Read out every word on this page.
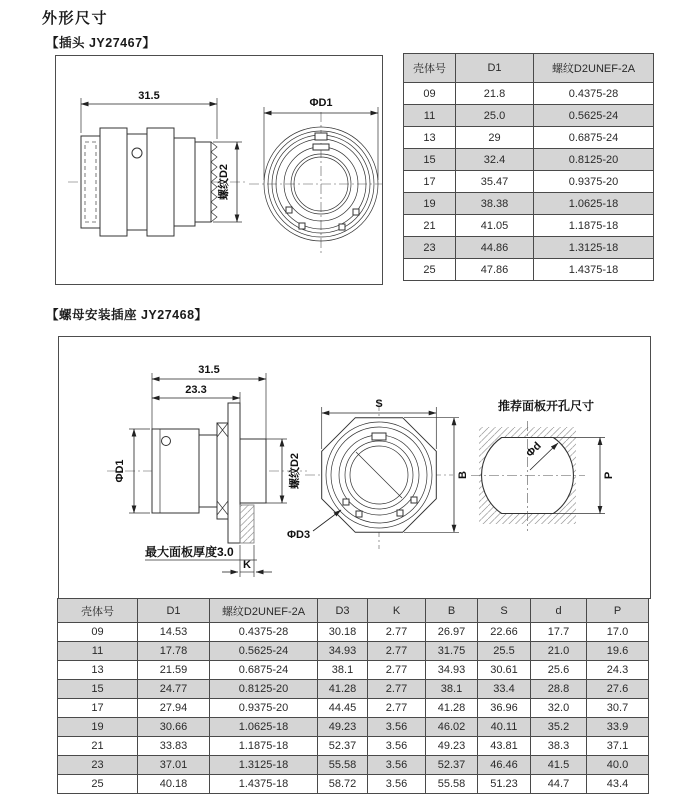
外形尺寸
【插头 JY27467】
31.5
螺纹D2
ΦD1
壳体号	D1	螺纹D2UNEF-2A
09	21.8	0.4375-28
11	25.0	0.5625-24
13	29	0.6875-24
15	32.4	0.8125-20
17	35.47	0.9375-20
19	38.38	1.0625-18
21	41.05	1.1875-18
23	44.86	1.3125-18
25	47.86	1.4375-18
【螺母安装插座 JY27468】
ΦD1
31.5
23.3
螺纹D2
最大面板厚度3.0
K
S
B
ΦD3
推荐面板开孔尺寸
Φd
P
壳体号	D1	螺纹D2UNEF-2A	D3	K	B	S	d	P
09	14.53	0.4375-28	30.18	2.77	26.97	22.66	17.7	17.0
11	17.78	0.5625-24	34.93	2.77	31.75	25.5	21.0	19.6
13	21.59	0.6875-24	38.1	2.77	34.93	30.61	25.6	24.3
15	24.77	0.8125-20	41.28	2.77	38.1	33.4	28.8	27.6
17	27.94	0.9375-20	44.45	2.77	41.28	36.96	32.0	30.7
19	30.66	1.0625-18	49.23	3.56	46.02	40.11	35.2	33.9
21	33.83	1.1875-18	52.37	3.56	49.23	43.81	38.3	37.1
23	37.01	1.3125-18	55.58	3.56	52.37	46.46	41.5	40.0
25	40.18	1.4375-18	58.72	3.56	55.58	51.23	44.7	43.4
